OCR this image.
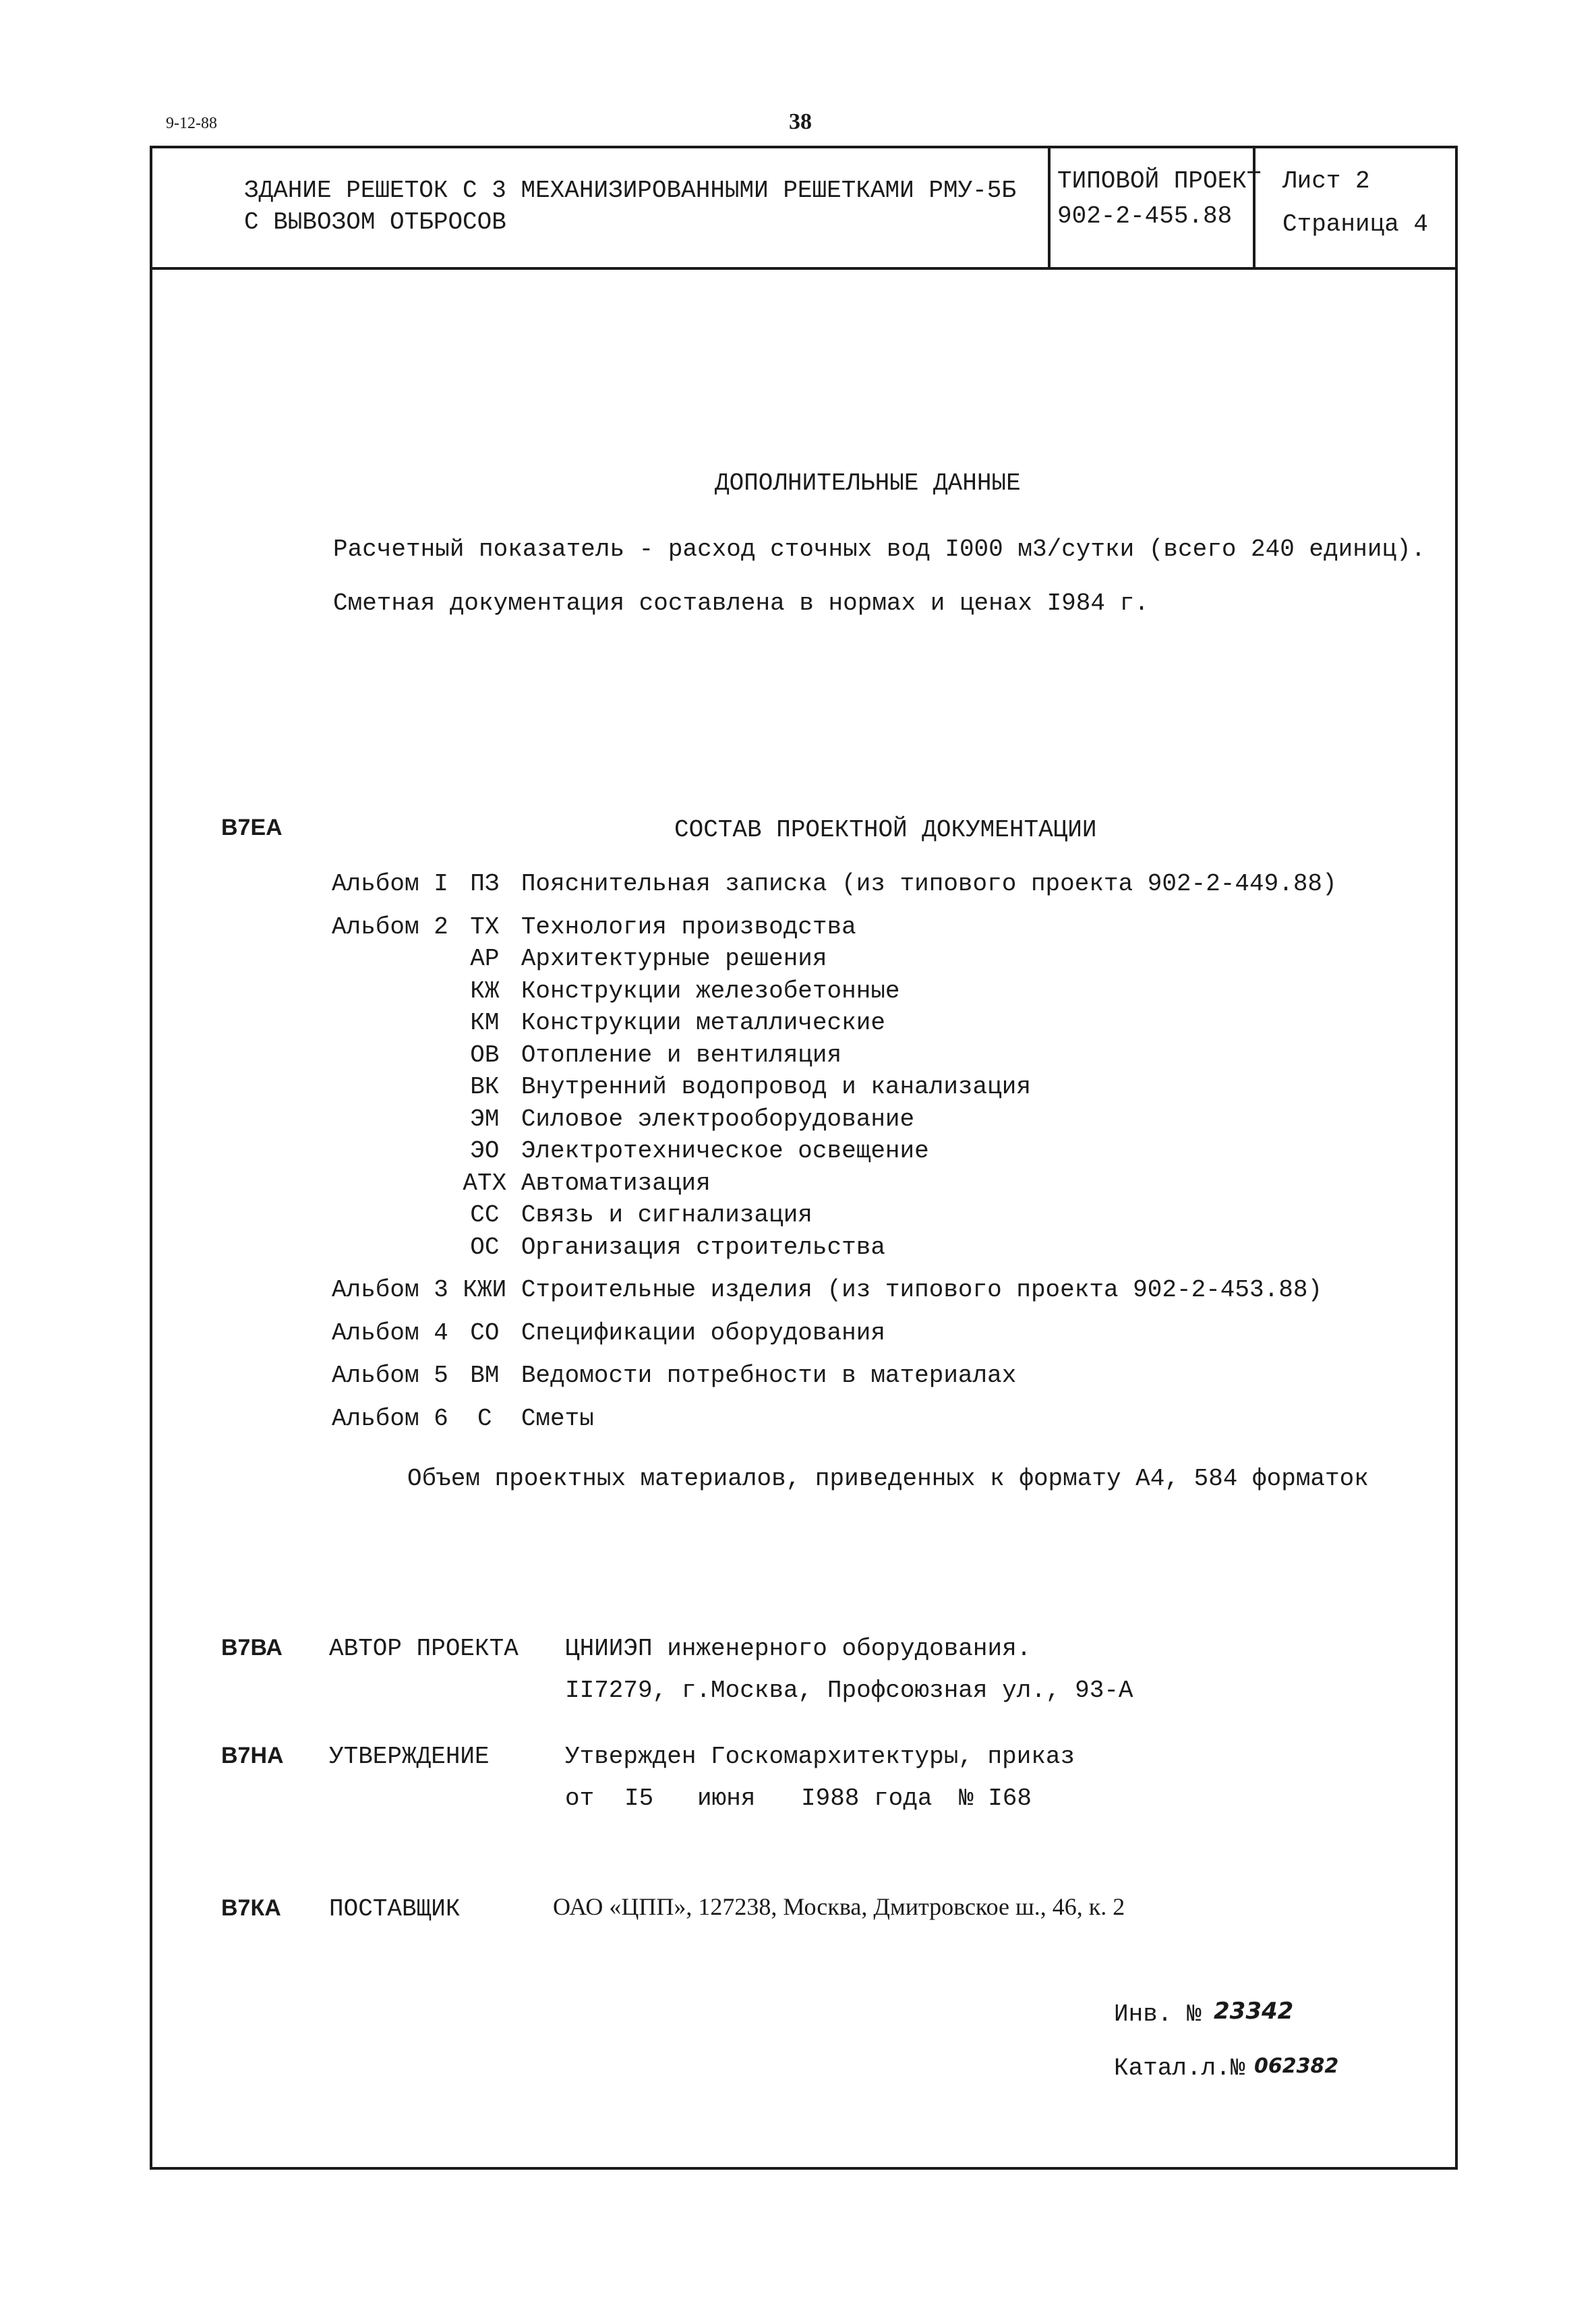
9-12-88	38
ЗДАНИЕ РЕШЕТОК С 3 МЕХАНИЗИРОВАННЫМИ РЕШЕТКАМИ РМУ-5Б
С ВЫВОЗОМ ОТБРОСОВ
ТИПОВОЙ ПРОЕКТ
902-2-455.88
Лист 2
Страница 4
ДОПОЛНИТЕЛЬНЫЕ ДАННЫЕ
Расчетный показатель - расход сточных вод I000 м3/сутки (всего 240 единиц).
Сметная документация составлена в нормах и ценах I984 г.
В7ЕА	СОСТАВ ПРОЕКТНОЙ ДОКУМЕНТАЦИИ
Альбом I	ПЗ	Пояснительная записка (из типового проекта 902-2-449.88)
Альбом 2	ТХ	Технология производства
	АР	Архитектурные решения
	КЖ	Конструкции железобетонные
	КМ	Конструкции металлические
	ОВ	Отопление и вентиляция
	ВК	Внутренний водопровод и канализация
	ЭМ	Силовое электрооборудование
	ЭО	Электротехническое освещение
	АТХ	Автоматизация
	СС	Связь и сигнализация
	ОС	Организация строительства
Альбом 3	КЖИ	Строительные изделия (из типового проекта 902-2-453.88)
Альбом 4	СО	Спецификации оборудования
Альбом 5	ВМ	Ведомости потребности в материалах
Альбом 6	С	Сметы
Объем проектных материалов, приведенных к формату А4, 584 форматок
В7ВА АВТОР ПРОЕКТА ЦНИИЭП инженерного оборудования.
II7279, г.Москва, Профсоюзная ул., 93-А
В7НА УТВЕРЖДЕНИЕ	Утвержден Госкомархитектуры, приказ
от I5 июня I988 года № I68
В7КА ПОСТАВЩИК	ОАО «ЦПП», 127238, Москва, Дмитровское ш., 46, к. 2
Инв. № 23342
Катал.л.№ 062382
